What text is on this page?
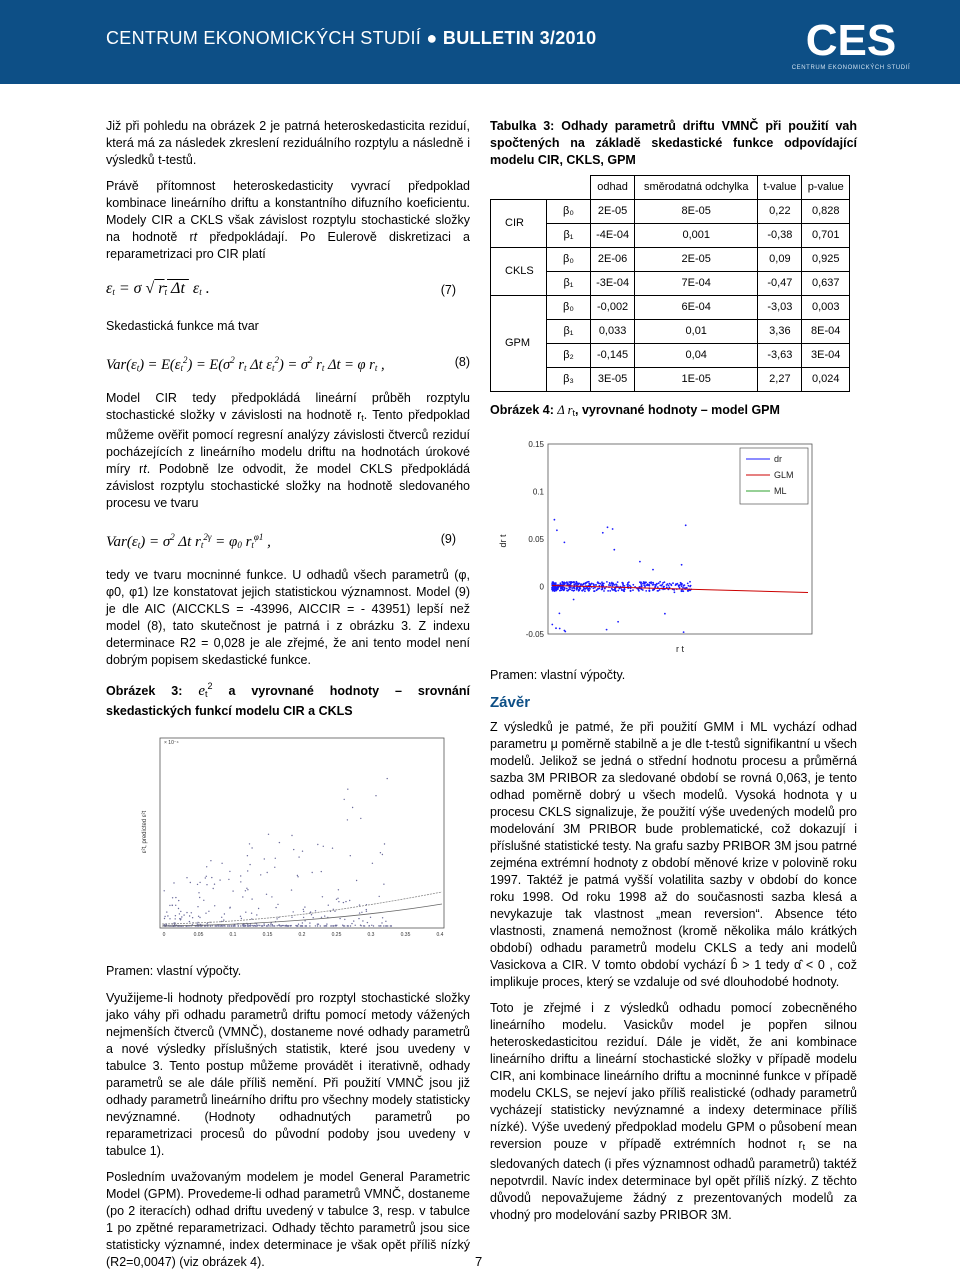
CENTRUM EKONOMICKÝCH STUDIÍ ● BULLETIN 3/2010	CES
CENTRUM EKONOMICKÝCH STUDIÍ

Již při pohledu na obrázek 2 je patrná heteroskedasticita reziduí, která má za následek zkreslení reziduálního rozptylu a následně i výsledků t-testů.

Právě přítomnost heteroskedasticity vyvrací předpoklad kombinace lineárního driftu a konstantního difuzního koeficientu. Modely CIR a CKLS však závislost rozptylu stochastické složky na hodnotě rt předpokládají. Po Eulerově diskretizaci a reparametrizaci pro CIR platí

$\varepsilon_t = \sigma$ √ $r_t$ Δt  $\varepsilon_t$ .	(7)

Skedastická funkce má tvar

$Var(\varepsilon_t) = E(\varepsilon_t^2) = E(\sigma^2$ $r_t$ Δt $\varepsilon_t^2) = \sigma^2$ $r_t$ Δt = φ $r_t$ ,	(8)

Model CIR tedy předpokládá lineární průběh rozptylu stochastické složky v závislosti na hodnotě $r_t$. Tento předpoklad můžeme ověřit pomocí regresní analýzy závislosti čtverců reziduí pocházejících z lineárního modelu driftu na hodnotách úrokové míry rt. Podobně lze odvodit, že model CKLS předpokládá závislost rozptylu stochastické složky na hodnotě sledovaného procesu ve tvaru

$Var(\varepsilon_t) = \sigma^2$ Δt $r_t^{2\gamma} = \varphi_0$ $r_t^{\varphi 1}$ ,	(9)

tedy ve tvaru mocninné funkce. U odhadů všech parametrů (φ, φ0, φ1) lze konstatovat jejich statistickou významnost. Model (9) je dle AIC (AICCKLS = -43996, AICCIR = - 43951) lepší než model (8), tato skutečnost je patrná i z obrázku 3. Z indexu determinace R2 = 0,028 je ale zřejmé, že ani tento model není dobrým popisem skedastické funkce.

Obrázek 3: $e_t^2$ a vyrovnané hodnoty – srovnání skedastických funkcí modelu CIR a CKLS

ε²t, predicted ε²t
× 10⁻⁴
0	0.05	0.1	0.15	0.2	0.25	0.3	0.35	0.4

Pramen: vlastní výpočty.

Využijeme-li hodnoty předpovědí pro rozptyl stochastické složky jako váhy při odhadu parametrů driftu pomocí metody vážených nejmenších čtverců (VMNČ), dostaneme nové odhady parametrů a nové výsledky příslušných statistik, které jsou uvedeny v tabulce 3. Tento postup můžeme provádět i iterativně, odhady parametrů se ale dále příliš nemění. Při použití VMNČ jsou již odhady parametrů lineárního driftu pro všechny modely statisticky nevýznamné. (Hodnoty odhadnutých parametrů po reparametrizaci procesů do původní podoby jsou uvedeny v tabulce 1).

Posledním uvažovaným modelem je model General Parametric Model (GPM). Provedeme-li odhad parametrů VMNČ, dostaneme (po 2 iteracích) odhad driftu uvedený v tabulce 3, resp. v tabulce 1 po zpětné reparametrizaci. Odhady těchto parametrů jsou sice statisticky významné, index determinace je však opět příliš nízký (R2=0,0047) (viz obrázek 4).

Tabulka 3: Odhady parametrů driftu VMNČ při použití vah spočtených na základě skedastické funkce odpovídající modelu CIR, CKLS, GPM

		odhad	směrodatná odchylka	t-value	p-value
CIR	β₀	2E-05	8E-05	0,22	0,828
	β₁	-4E-04	0,001	-0,38	0,701
CKLS	β₀	2E-06	2E-05	0,09	0,925
	β₁	-3E-04	7E-04	-0,47	0,637
GPM	β₀	-0,002	6E-04	-3,03	0,003
	β₁	0,033	0,01	3,36	8E-04
	β₂	-0,145	0,04	-3,63	3E-04
	β₃	3E-05	1E-05	2,27	0,024

Obrázek 4: Δ $r_t$, vyrovnané hodnoty – model GPM

dr t
r t
0.15
0.1
0.05
0
-0.05
dr
GLM
ML

Pramen: vlastní výpočty.

Závěr

Z výsledků je patmé, že při použití GMM i ML vychází odhad parametru μ poměrně stabilně a je dle t-testů signifikantní u všech modelů. Jelikož se jedná o střední hodnotu procesu a průměrná sazba 3M PRIBOR za sledované období se rovná 0,063, je tento odhad poměrně dobrý u všech modelů. Vysoká hodnota γ u procesu CKLS signalizuje, že použití výše uvedených modelů pro modelování 3M PRIBOR bude problematické, což dokazují i příslušné statistické testy. Na grafu sazby PRIBOR 3M jsou patrné zejména extrémní hodnoty z období měnové krize v polovině roku 1997. Taktéž je patmá vyšší volatilita sazby v období do konce roku 1998. Od roku 1998 až do současnosti sazba klesá a nevykazuje tak vlastnost „mean reversion“. Absence této vlastnosti, znamená nemožnost (kromě několika málo krátkých období) odhadu parametrů modelu CKLS a tedy ani modelů Vasickova a CIR. V tomto období vychází b̂ > 1 tedy α̂ < 0 , což implikuje proces, který se vzdaluje od své dlouhodobé hodnoty.

Toto je zřejmé i z výsledků odhadu pomocí zobecněného lineárního modelu. Vasickův model je popřen silnou heteroskedasticitou reziduí. Dále je vidět, že ani kombinace lineárního driftu a lineární stochastické složky v případě modelu CIR, ani kombinace lineárního driftu a mocninné funkce v případě modelu CKLS, se nejeví jako příliš realistické (odhady parametrů vycházejí statisticky nevýznamné a indexy determinace příliš nízké). Výše uvedený předpoklad modelu GPM o působení mean reversion pouze v případě extrémních hodnot $r_t$ se na sledovaných datech (i přes významnost odhadů parametrů) taktéž nepotvrdil. Navíc index determinace byl opět příliš nízký. Z těchto důvodů nepovažujeme žádný z prezentovaných modelů za vhodný pro modelování sazby PRIBOR 3M.

7
